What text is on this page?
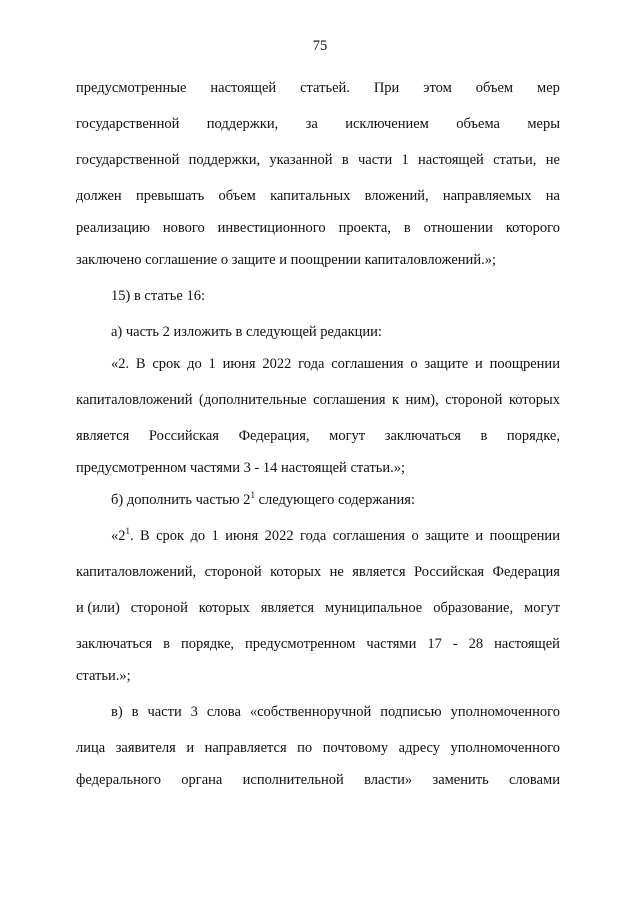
75
предусмотренные настоящей статьей. При этом объем мер
государственной поддержки, за исключением объема меры
государственной поддержки, указанной в части 1 настоящей статьи, не
должен превышать объем капитальных вложений, направляемых на
реализацию нового инвестиционного проекта, в отношении которого
заключено соглашение о защите и поощрении капиталовложений.»;
15) в статье 16:
а) часть 2 изложить в следующей редакции:
«2. В срок до 1 июня 2022 года соглашения о защите и поощрении
капиталовложений (дополнительные соглашения к ним), стороной которых
является Российская Федерация, могут заключаться в порядке,
предусмотренном частями 3 - 14 настоящей статьи.»;
б) дополнить частью $2^1$ следующего содержания:
«$2^1$. В срок до 1 июня 2022 года соглашения о защите и поощрении
капиталовложений, стороной которых не является Российская Федерация
и (или) стороной которых является муниципальное образование, могут
заключаться в порядке, предусмотренном частями 17 - 28 настоящей
статьи.»;
в) в части 3 слова «собственноручной подписью уполномоченного
лица заявителя и направляется по почтовому адресу уполномоченного
федерального органа исполнительной власти» заменить словами
